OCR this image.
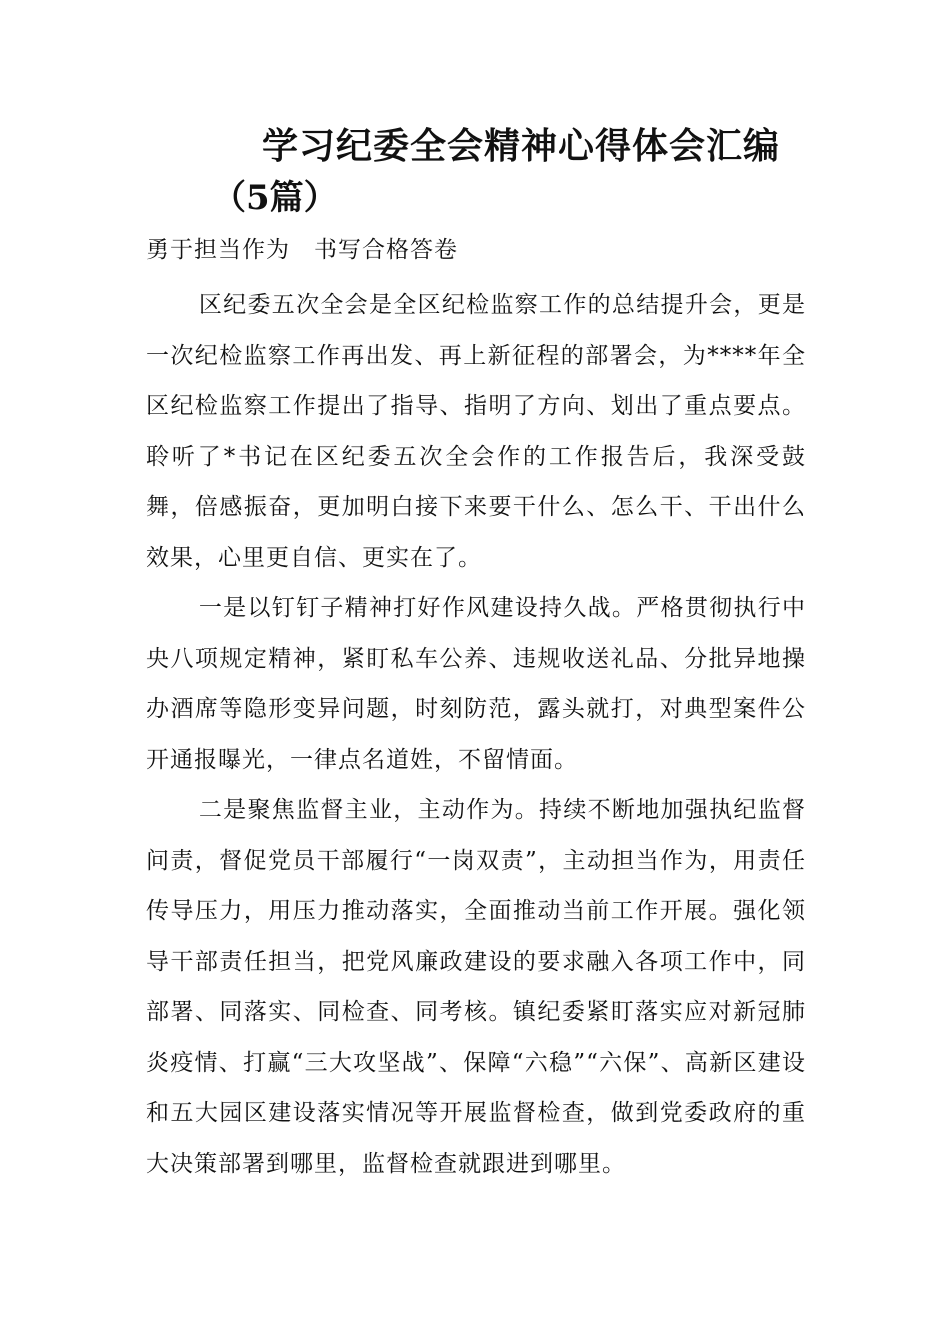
学习纪委全会精神心得体会汇编
（5篇）
勇于担当作为　书写合格答卷

区纪委五次全会是全区纪检监察工作的总结提升会，更是一次纪检监察工作再出发、再上新征程的部署会，为****年全区纪检监察工作提出了指导、指明了方向、划出了重点要点。聆听了*书记在区纪委五次全会作的工作报告后，我深受鼓舞，倍感振奋，更加明白接下来要干什么、怎么干、干出什么效果，心里更自信、更实在了。

一是以钉钉子精神打好作风建设持久战。严格贯彻执行中央八项规定精神，紧盯私车公养、违规收送礼品、分批异地操办酒席等隐形变异问题，时刻防范，露头就打，对典型案件公开通报曝光，一律点名道姓，不留情面。

二是聚焦监督主业，主动作为。持续不断地加强执纪监督问责，督促党员干部履行“一岗双责”，主动担当作为，用责任传导压力，用压力推动落实，全面推动当前工作开展。强化领导干部责任担当，把党风廉政建设的要求融入各项工作中，同部署、同落实、同检查、同考核。镇纪委紧盯落实应对新冠肺炎疫情、打赢“三大攻坚战”、保障“六稳”“六保”、高新区建设和五大园区建设落实情况等开展监督检查，做到党委政府的重大决策部署到哪里，监督检查就跟进到哪里。
